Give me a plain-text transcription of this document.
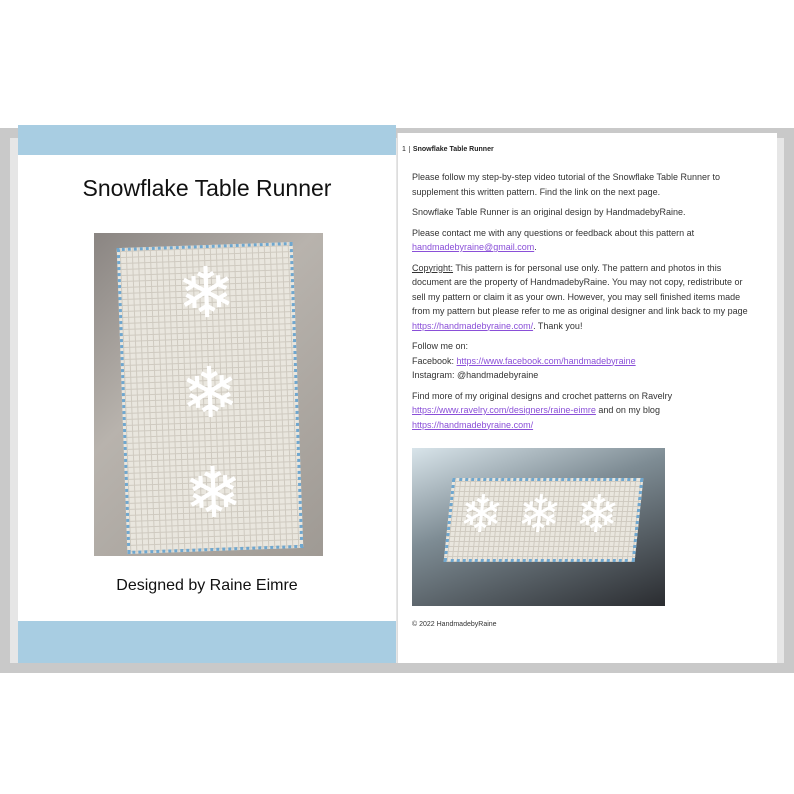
Snowflake Table Runner
❄
❄
❄
Designed by Raine Eimre
1 Snowflake Table Runner

Please follow my step-by-step video tutorial of the Snowflake Table Runner to supplement this written pattern. Find the link on the next page.

Snowflake Table Runner is an original design by HandmadebyRaine.

Please contact me with any questions or feedback about this pattern at
handmadebyraine@gmail.com.

Copyright: This pattern is for personal use only. The pattern and photos in this document are the property of HandmadebyRaine. You may not copy, redistribute or sell my pattern or claim it as your own. However, you may sell finished items made from my pattern but please refer to me as original designer and link back to my page https://handmadebyraine.com/. Thank you!

Follow me on:
Facebook: https://www.facebook.com/handmadebyraine
Instagram: @handmadebyraine

Find more of my original designs and crochet patterns on Ravelry
https://www.ravelry.com/designers/raine-eimre and on my blog
https://handmadebyraine.com/

❄ ❄ ❄
© 2022 HandmadebyRaine
